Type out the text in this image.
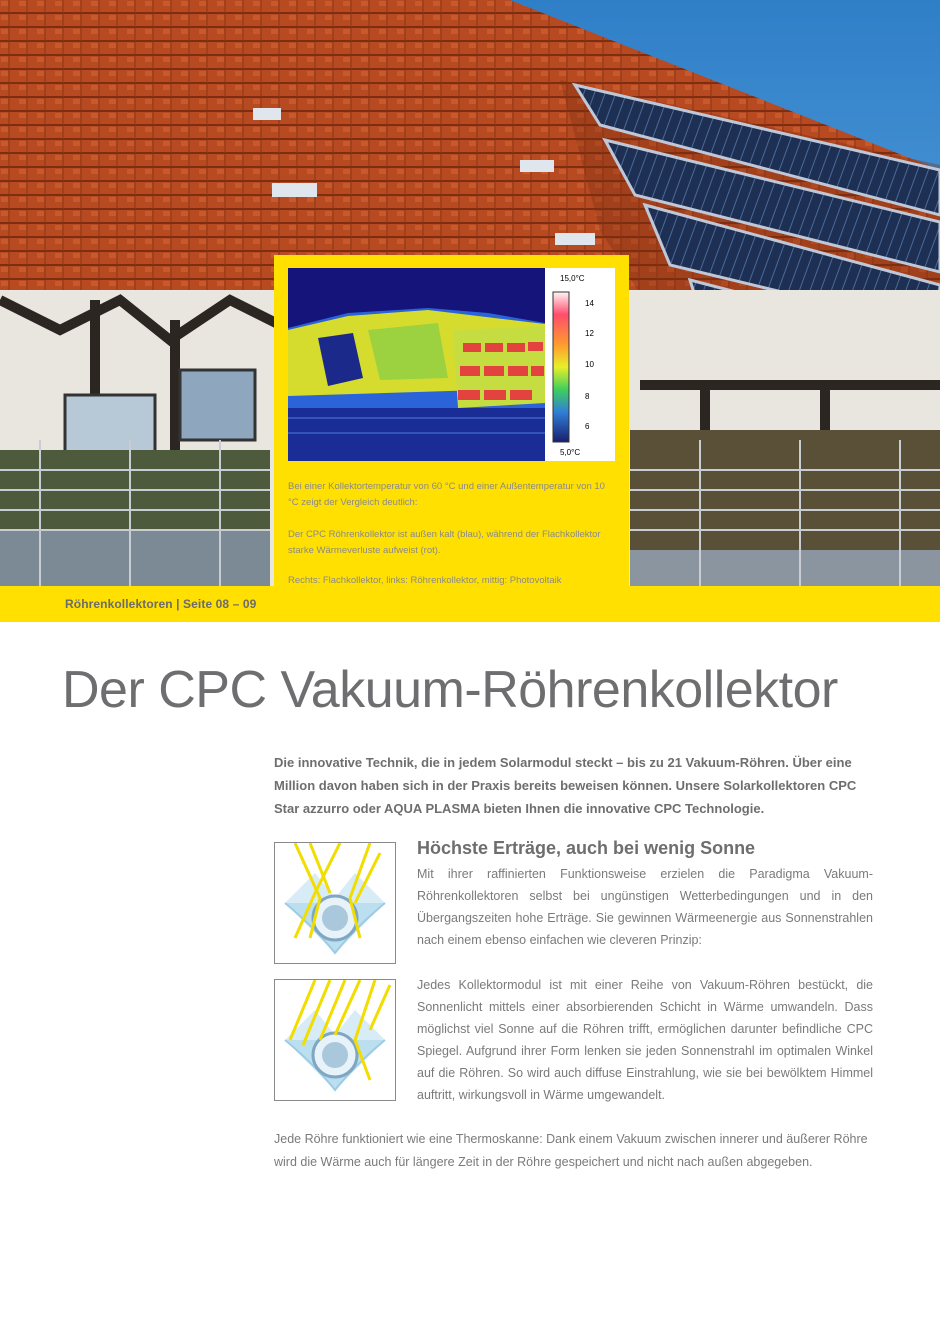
Röhrenkollektoren | Seite 08 – 09
15,0°C
14
12
10
8
6
5,0°C

Bei einer Kollektortemperatur von 60 °C und einer Außentemperatur von 10 °C zeigt der Vergleich deutlich:

Der CPC Röhrenkollektor ist außen kalt (blau), während der Flachkollektor starke Wärmeverluste aufweist (rot).

Rechts: Flachkollektor, links: Röhrenkollektor, mittig: Photovoltaik

Der CPC Vakuum-Röhrenkollektor

Die innovative Technik, die in jedem Solarmodul steckt – bis zu 21 Vakuum-Röhren. Über eine Million davon haben sich in der Praxis bereits beweisen können. Unsere Solarkollektoren CPC Star azzurro oder AQUA PLASMA bieten Ihnen die innovative CPC Technologie.

Höchste Erträge, auch bei wenig Sonne

Mit ihrer raffinierten Funktionsweise erzielen die Paradigma Vakuum-Röhrenkollektoren selbst bei ungünstigen Wetterbedingungen und in den Übergangszeiten hohe Erträge. Sie gewinnen Wärmeenergie aus Sonnenstrahlen nach einem ebenso einfachen wie cleveren Prinzip:

Jedes Kollektormodul ist mit einer Reihe von Vakuum-Röhren bestückt, die Sonnenlicht mittels einer absorbierenden Schicht in Wärme umwandeln. Dass möglichst viel Sonne auf die Röhren trifft, ermöglichen darunter befindliche CPC Spiegel. Aufgrund ihrer Form lenken sie jeden Sonnenstrahl im optimalen Winkel auf die Röhren. So wird auch diffuse Einstrahlung, wie sie bei bewölktem Himmel auftritt, wirkungsvoll in Wärme umgewandelt.

Jede Röhre funktioniert wie eine Thermoskanne: Dank einem Vakuum zwischen innerer und äußerer Röhre wird die Wärme auch für längere Zeit in der Röhre gespeichert und nicht nach außen abgegeben.
